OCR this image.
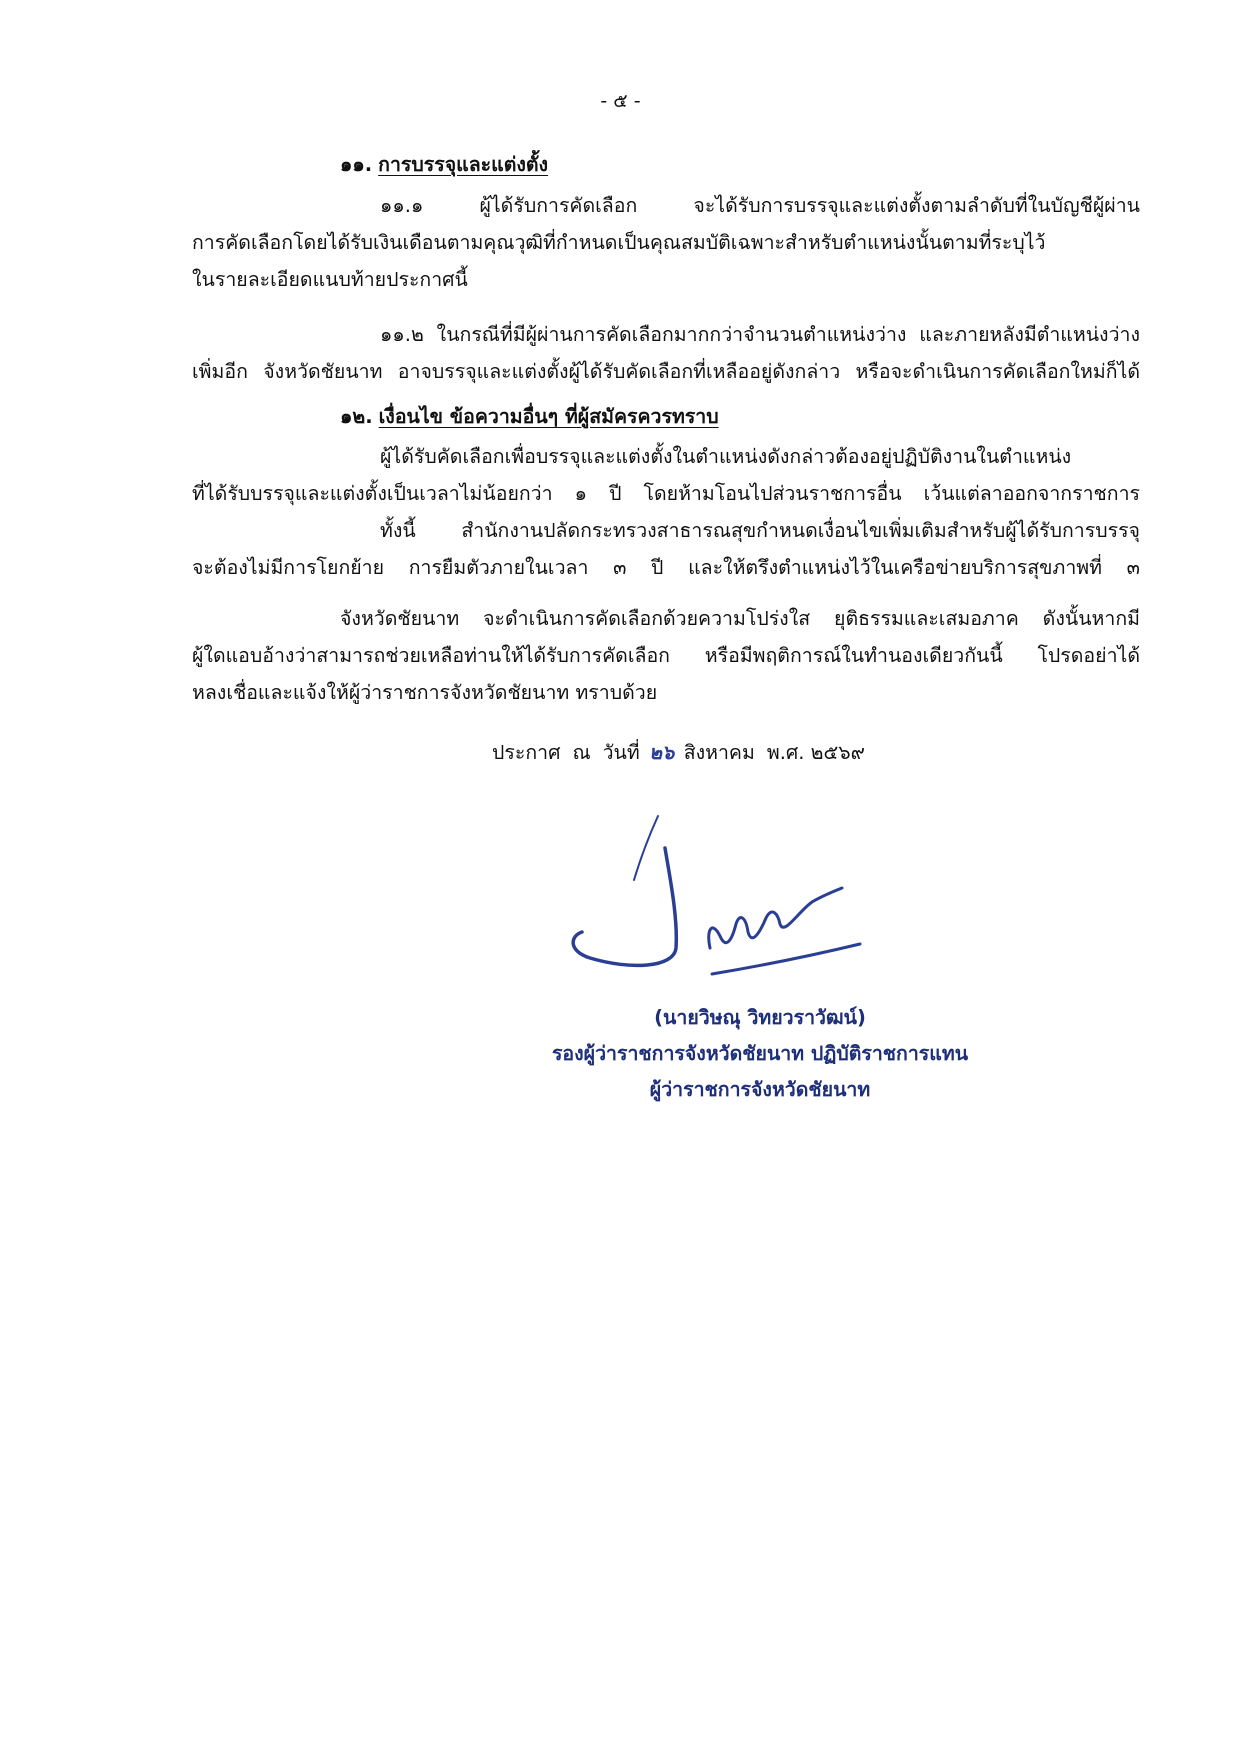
- ๕ -
๑๑. การบรรจุและแต่งตั้ง
๑๑.๑ ผู้ได้รับการคัดเลือก จะได้รับการบรรจุและแต่งตั้งตามลำดับที่ในบัญชีผู้ผ่าน
การคัดเลือกโดยได้รับเงินเดือนตามคุณวุฒิที่กำหนดเป็นคุณสมบัติเฉพาะสำหรับตำแหน่งนั้นตามที่ระบุไว้
ในรายละเอียดแนบท้ายประกาศนี้
๑๑.๒ ในกรณีที่มีผู้ผ่านการคัดเลือกมากกว่าจำนวนตำแหน่งว่าง และภายหลังมีตำแหน่งว่าง
เพิ่มอีก จังหวัดชัยนาท อาจบรรจุและแต่งตั้งผู้ได้รับคัดเลือกที่เหลืออยู่ดังกล่าว หรือจะดำเนินการคัดเลือกใหม่ก็ได้
๑๒. เงื่อนไข ข้อความอื่นๆ ที่ผู้สมัครควรทราบ
ผู้ได้รับคัดเลือกเพื่อบรรจุและแต่งตั้งในตำแหน่งดังกล่าวต้องอยู่ปฏิบัติงานในตำแหน่ง
ที่ได้รับบรรจุและแต่งตั้งเป็นเวลาไม่น้อยกว่า ๑ ปี โดยห้ามโอนไปส่วนราชการอื่น เว้นแต่ลาออกจากราชการ
ทั้งนี้ สำนักงานปลัดกระทรวงสาธารณสุขกำหนดเงื่อนไขเพิ่มเติมสำหรับผู้ได้รับการบรรจุ
จะต้องไม่มีการโยกย้าย การยืมตัวภายในเวลา ๓ ปี และให้ตรึงตำแหน่งไว้ในเครือข่ายบริการสุขภาพที่ ๓
จังหวัดชัยนาท จะดำเนินการคัดเลือกด้วยความโปร่งใส ยุติธรรมและเสมอภาค ดังนั้นหากมี
ผู้ใดแอบอ้างว่าสามารถช่วยเหลือท่านให้ได้รับการคัดเลือก หรือมีพฤติการณ์ในทำนองเดียวกันนี้ โปรดอย่าได้
หลงเชื่อและแจ้งให้ผู้ว่าราชการจังหวัดชัยนาท ทราบด้วย
ประกาศ ณ วันที่ ๒๖ สิงหาคม พ.ศ. ๒๕๖๙
(นายวิษณุ วิทยวราวัฒน์)
รองผู้ว่าราชการจังหวัดชัยนาท ปฏิบัติราชการแทน
ผู้ว่าราชการจังหวัดชัยนาท
